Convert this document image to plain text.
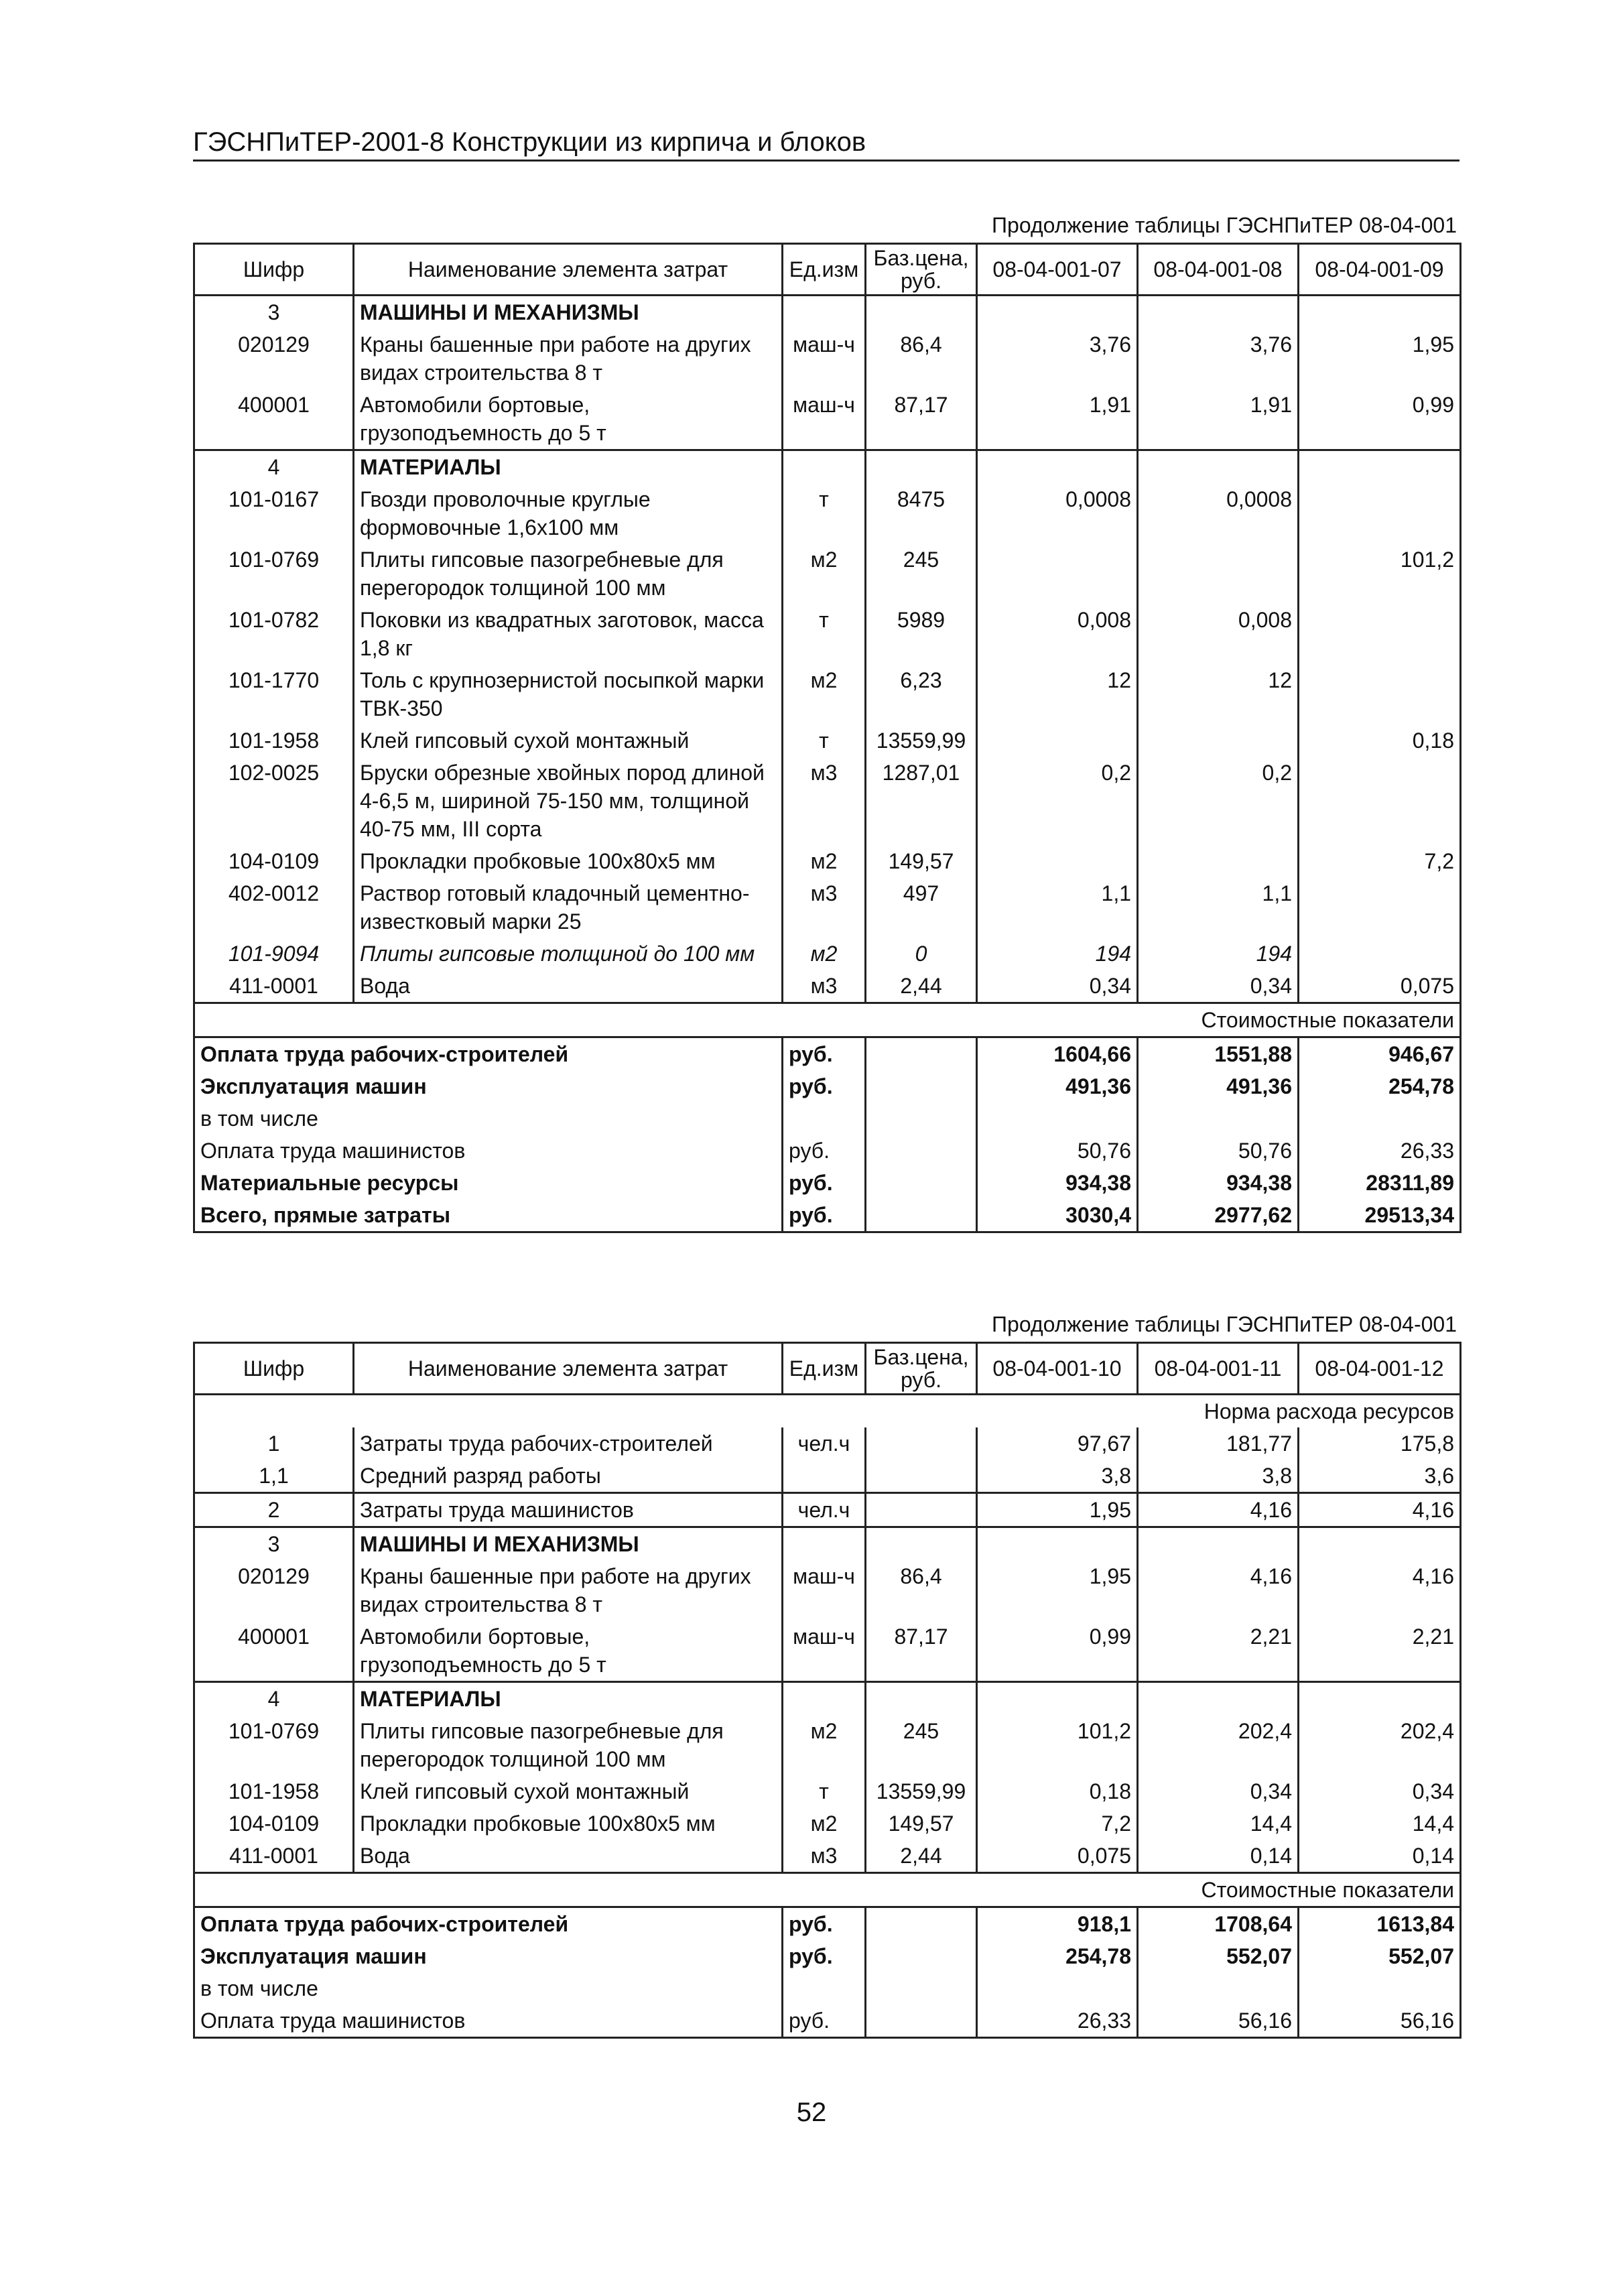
ГЭСНПиТЕР-2001-8 Конструкции из кирпича и блоков
Продолжение таблицы ГЭСНПиТЕР 08-04-001
Шифр	Наименование элемента затрат	Ед.изм	Баз.цена, руб.	08-04-001-07	08-04-001-08	08-04-001-09
3	МАШИНЫ И МЕХАНИЗМЫ					
020129	Краны башенные при работе на других видах строительства 8 т	маш-ч	86,4	3,76	3,76	1,95
400001	Автомобили бортовые, грузоподъемность до 5 т	маш-ч	87,17	1,91	1,91	0,99
4	МАТЕРИАЛЫ					
101-0167	Гвозди проволочные круглые формовочные 1,6х100 мм	т	8475	0,0008	0,0008	
101-0769	Плиты гипсовые пазогребневые для перегородок толщиной 100 мм	м2	245			101,2
101-0782	Поковки из квадратных заготовок, масса 1,8 кг	т	5989	0,008	0,008	
101-1770	Толь с крупнозернистой посыпкой марки ТВК-350	м2	6,23	12	12	
101-1958	Клей гипсовый сухой монтажный	т	13559,99			0,18
102-0025	Бруски обрезные хвойных пород длиной 4-6,5 м, шириной 75-150 мм, толщиной 40-75 мм, III сорта	м3	1287,01	0,2	0,2	
104-0109	Прокладки пробковые 100х80х5 мм	м2	149,57			7,2
402-0012	Раствор готовый кладочный цементно-известковый марки 25	м3	497	1,1	1,1	
101-9094	Плиты гипсовые толщиной до 100 мм	м2	0	194	194	
411-0001	Вода	м3	2,44	0,34	0,34	0,075
Стоимостные показатели						
Оплата труда рабочих-строителей		руб.		1604,66	1551,88	946,67
Эксплуатация машин		руб.		491,36	491,36	254,78
в том числе						
Оплата труда машинистов		руб.		50,76	50,76	26,33
Материальные ресурсы		руб.		934,38	934,38	28311,89
Всего, прямые затраты		руб.		3030,4	2977,62	29513,34
Продолжение таблицы ГЭСНПиТЕР 08-04-001
Шифр	Наименование элемента затрат	Ед.изм	Баз.цена, руб.	08-04-001-10	08-04-001-11	08-04-001-12
Норма расхода ресурсов						
1	Затраты труда рабочих-строителей	чел.ч		97,67	181,77	175,8
1,1	Средний разряд работы			3,8	3,8	3,6
2	Затраты труда машинистов	чел.ч		1,95	4,16	4,16
3	МАШИНЫ И МЕХАНИЗМЫ					
020129	Краны башенные при работе на других видах строительства 8 т	маш-ч	86,4	1,95	4,16	4,16
400001	Автомобили бортовые, грузоподъемность до 5 т	маш-ч	87,17	0,99	2,21	2,21
4	МАТЕРИАЛЫ					
101-0769	Плиты гипсовые пазогребневые для перегородок толщиной 100 мм	м2	245	101,2	202,4	202,4
101-1958	Клей гипсовый сухой монтажный	т	13559,99	0,18	0,34	0,34
104-0109	Прокладки пробковые 100х80х5 мм	м2	149,57	7,2	14,4	14,4
411-0001	Вода	м3	2,44	0,075	0,14	0,14
Стоимостные показатели						
Оплата труда рабочих-строителей		руб.		918,1	1708,64	1613,84
Эксплуатация машин		руб.		254,78	552,07	552,07
в том числе						
Оплата труда машинистов		руб.		26,33	56,16	56,16
52
